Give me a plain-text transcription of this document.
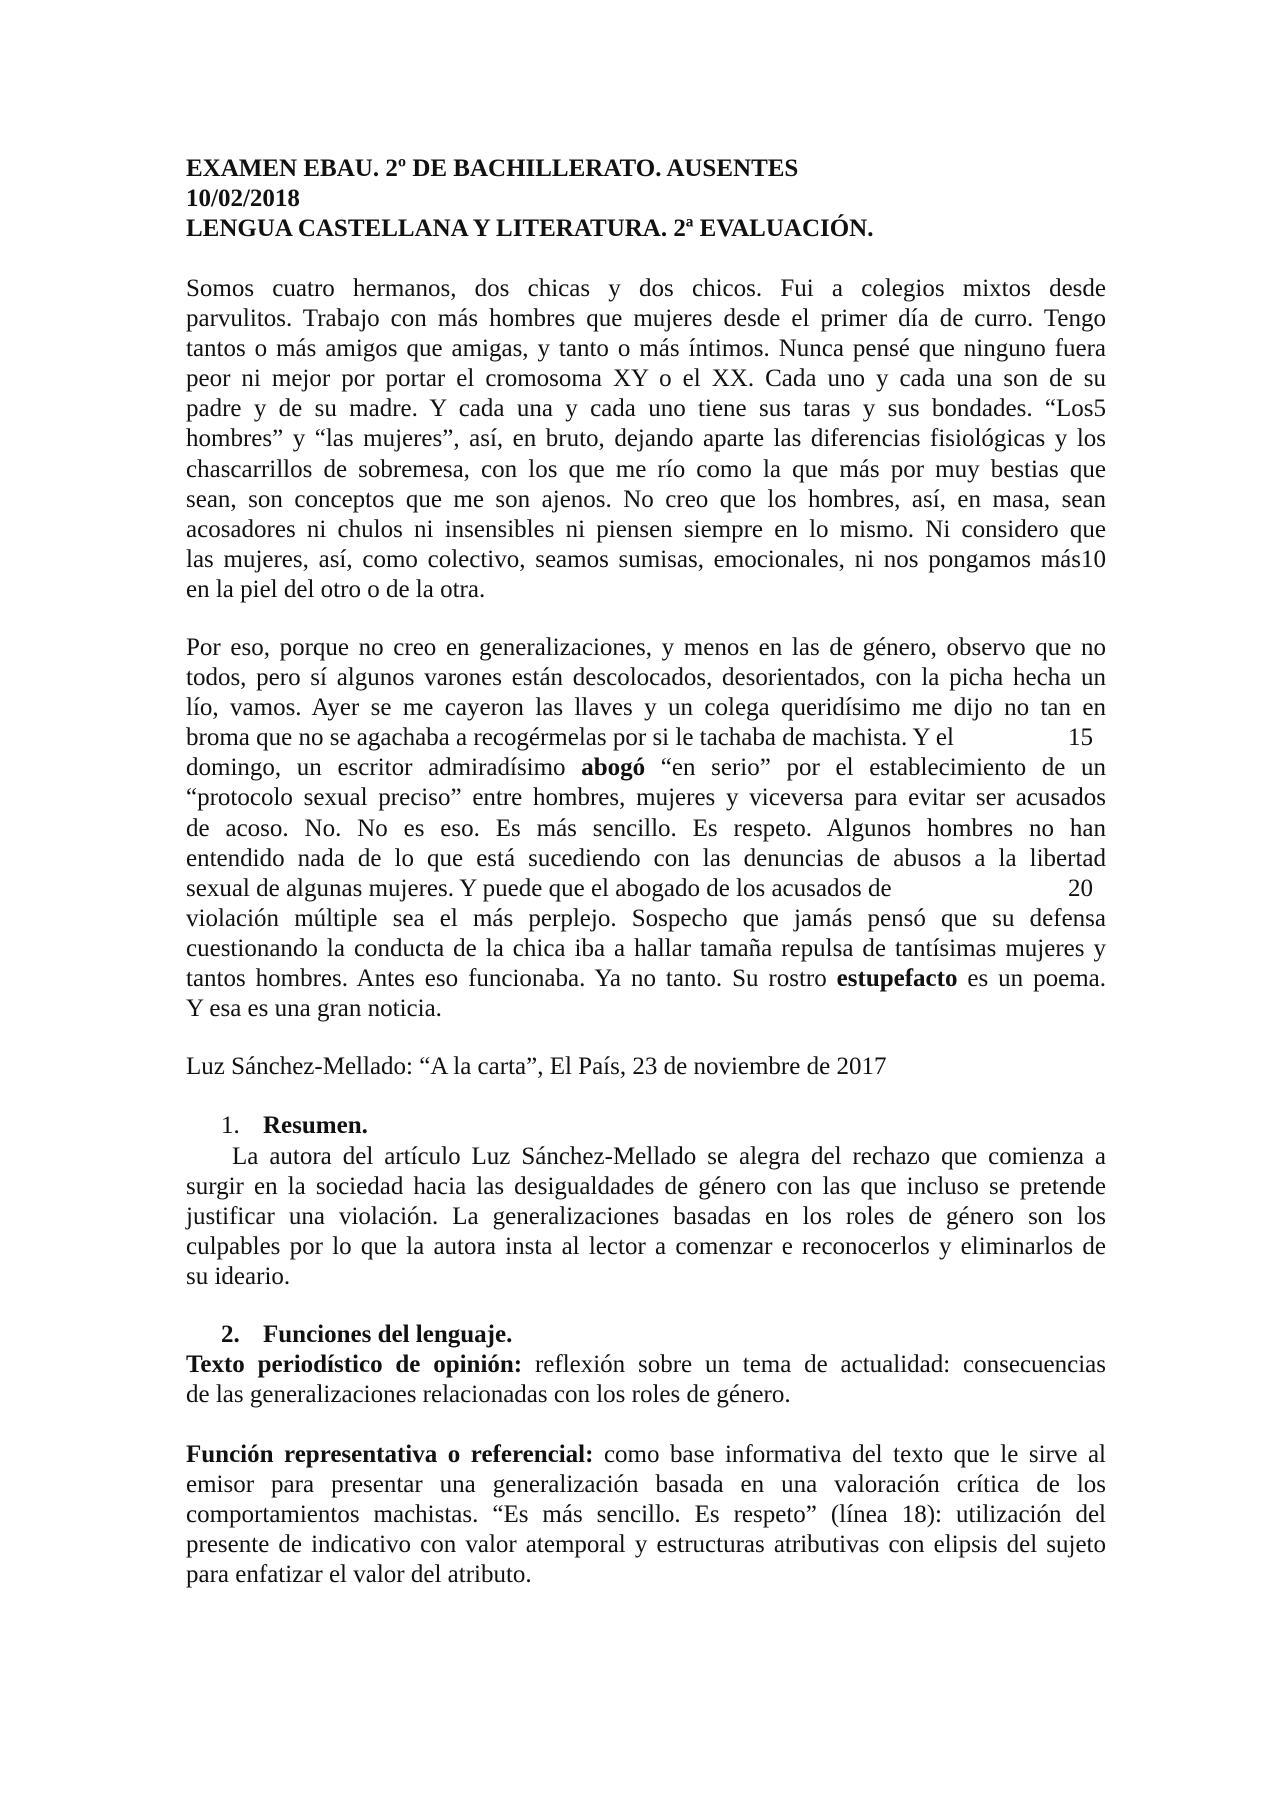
EXAMEN EBAU. 2º DE BACHILLERATO. AUSENTES
10/02/2018
LENGUA CASTELLANA Y LITERATURA. 2ª EVALUACIÓN.
Somos cuatro hermanos, dos chicas y dos chicos. Fui a colegios mixtos desde
parvulitos. Trabajo con más hombres que mujeres desde el primer día de curro. Tengo
tantos o más amigos que amigas, y tanto o más íntimos. Nunca pensé que ninguno fuera
peor ni mejor por portar el cromosoma XY o el XX. Cada uno y cada una son de su
padre y de su madre. Y cada una y cada uno tiene sus taras y sus bondades. “Los5
hombres” y “las mujeres”, así, en bruto, dejando aparte las diferencias fisiológicas y los
chascarrillos de sobremesa, con los que me río como la que más por muy bestias que
sean, son conceptos que me son ajenos. No creo que los hombres, así, en masa, sean
acosadores ni chulos ni insensibles ni piensen siempre en lo mismo. Ni considero que
las mujeres, así, como colectivo, seamos sumisas, emocionales, ni nos pongamos más10
en la piel del otro o de la otra.
Por eso, porque no creo en generalizaciones, y menos en las de género, observo que no
todos, pero sí algunos varones están descolocados, desorientados, con la picha hecha un
lío, vamos. Ayer se me cayeron las llaves y un colega queridísimo me dijo no tan en
broma que no se agachaba a recogérmelas por si le tachaba de machista. Y el
domingo, un escritor admiradísimo abogó “en serio” por el establecimiento de un
“protocolo sexual preciso” entre hombres, mujeres y viceversa para evitar ser acusados
de acoso. No. No es eso. Es más sencillo. Es respeto. Algunos hombres no han
entendido nada de lo que está sucediendo con las denuncias de abusos a la libertad
sexual de algunas mujeres. Y puede que el abogado de los acusados de
violación múltiple sea el más perplejo. Sospecho que jamás pensó que su defensa
cuestionando la conducta de la chica iba a hallar tamaña repulsa de tantísimas mujeres y
tantos hombres. Antes eso funcionaba. Ya no tanto. Su rostro estupefacto es un poema.
Y esa es una gran noticia.
15
20
Luz Sánchez-Mellado: “A la carta”, El País, 23 de noviembre de 2017
1. Resumen.
La autora del artículo Luz Sánchez-Mellado se alegra del rechazo que comienza a
surgir en la sociedad hacia las desigualdades de género con las que incluso se pretende
justificar una violación. La generalizaciones basadas en los roles de género son los
culpables por lo que la autora insta al lector a comenzar e reconocerlos y eliminarlos de
su ideario.
2. Funciones del lenguaje.
Texto periodístico de opinión: reflexión sobre un tema de actualidad: consecuencias
de las generalizaciones relacionadas con los roles de género.
Función representativa o referencial: como base informativa del texto que le sirve al
emisor para presentar una generalización basada en una valoración crítica de los
comportamientos machistas. “Es más sencillo. Es respeto” (línea 18): utilización del
presente de indicativo con valor atemporal y estructuras atributivas con elipsis del sujeto
para enfatizar el valor del atributo.
